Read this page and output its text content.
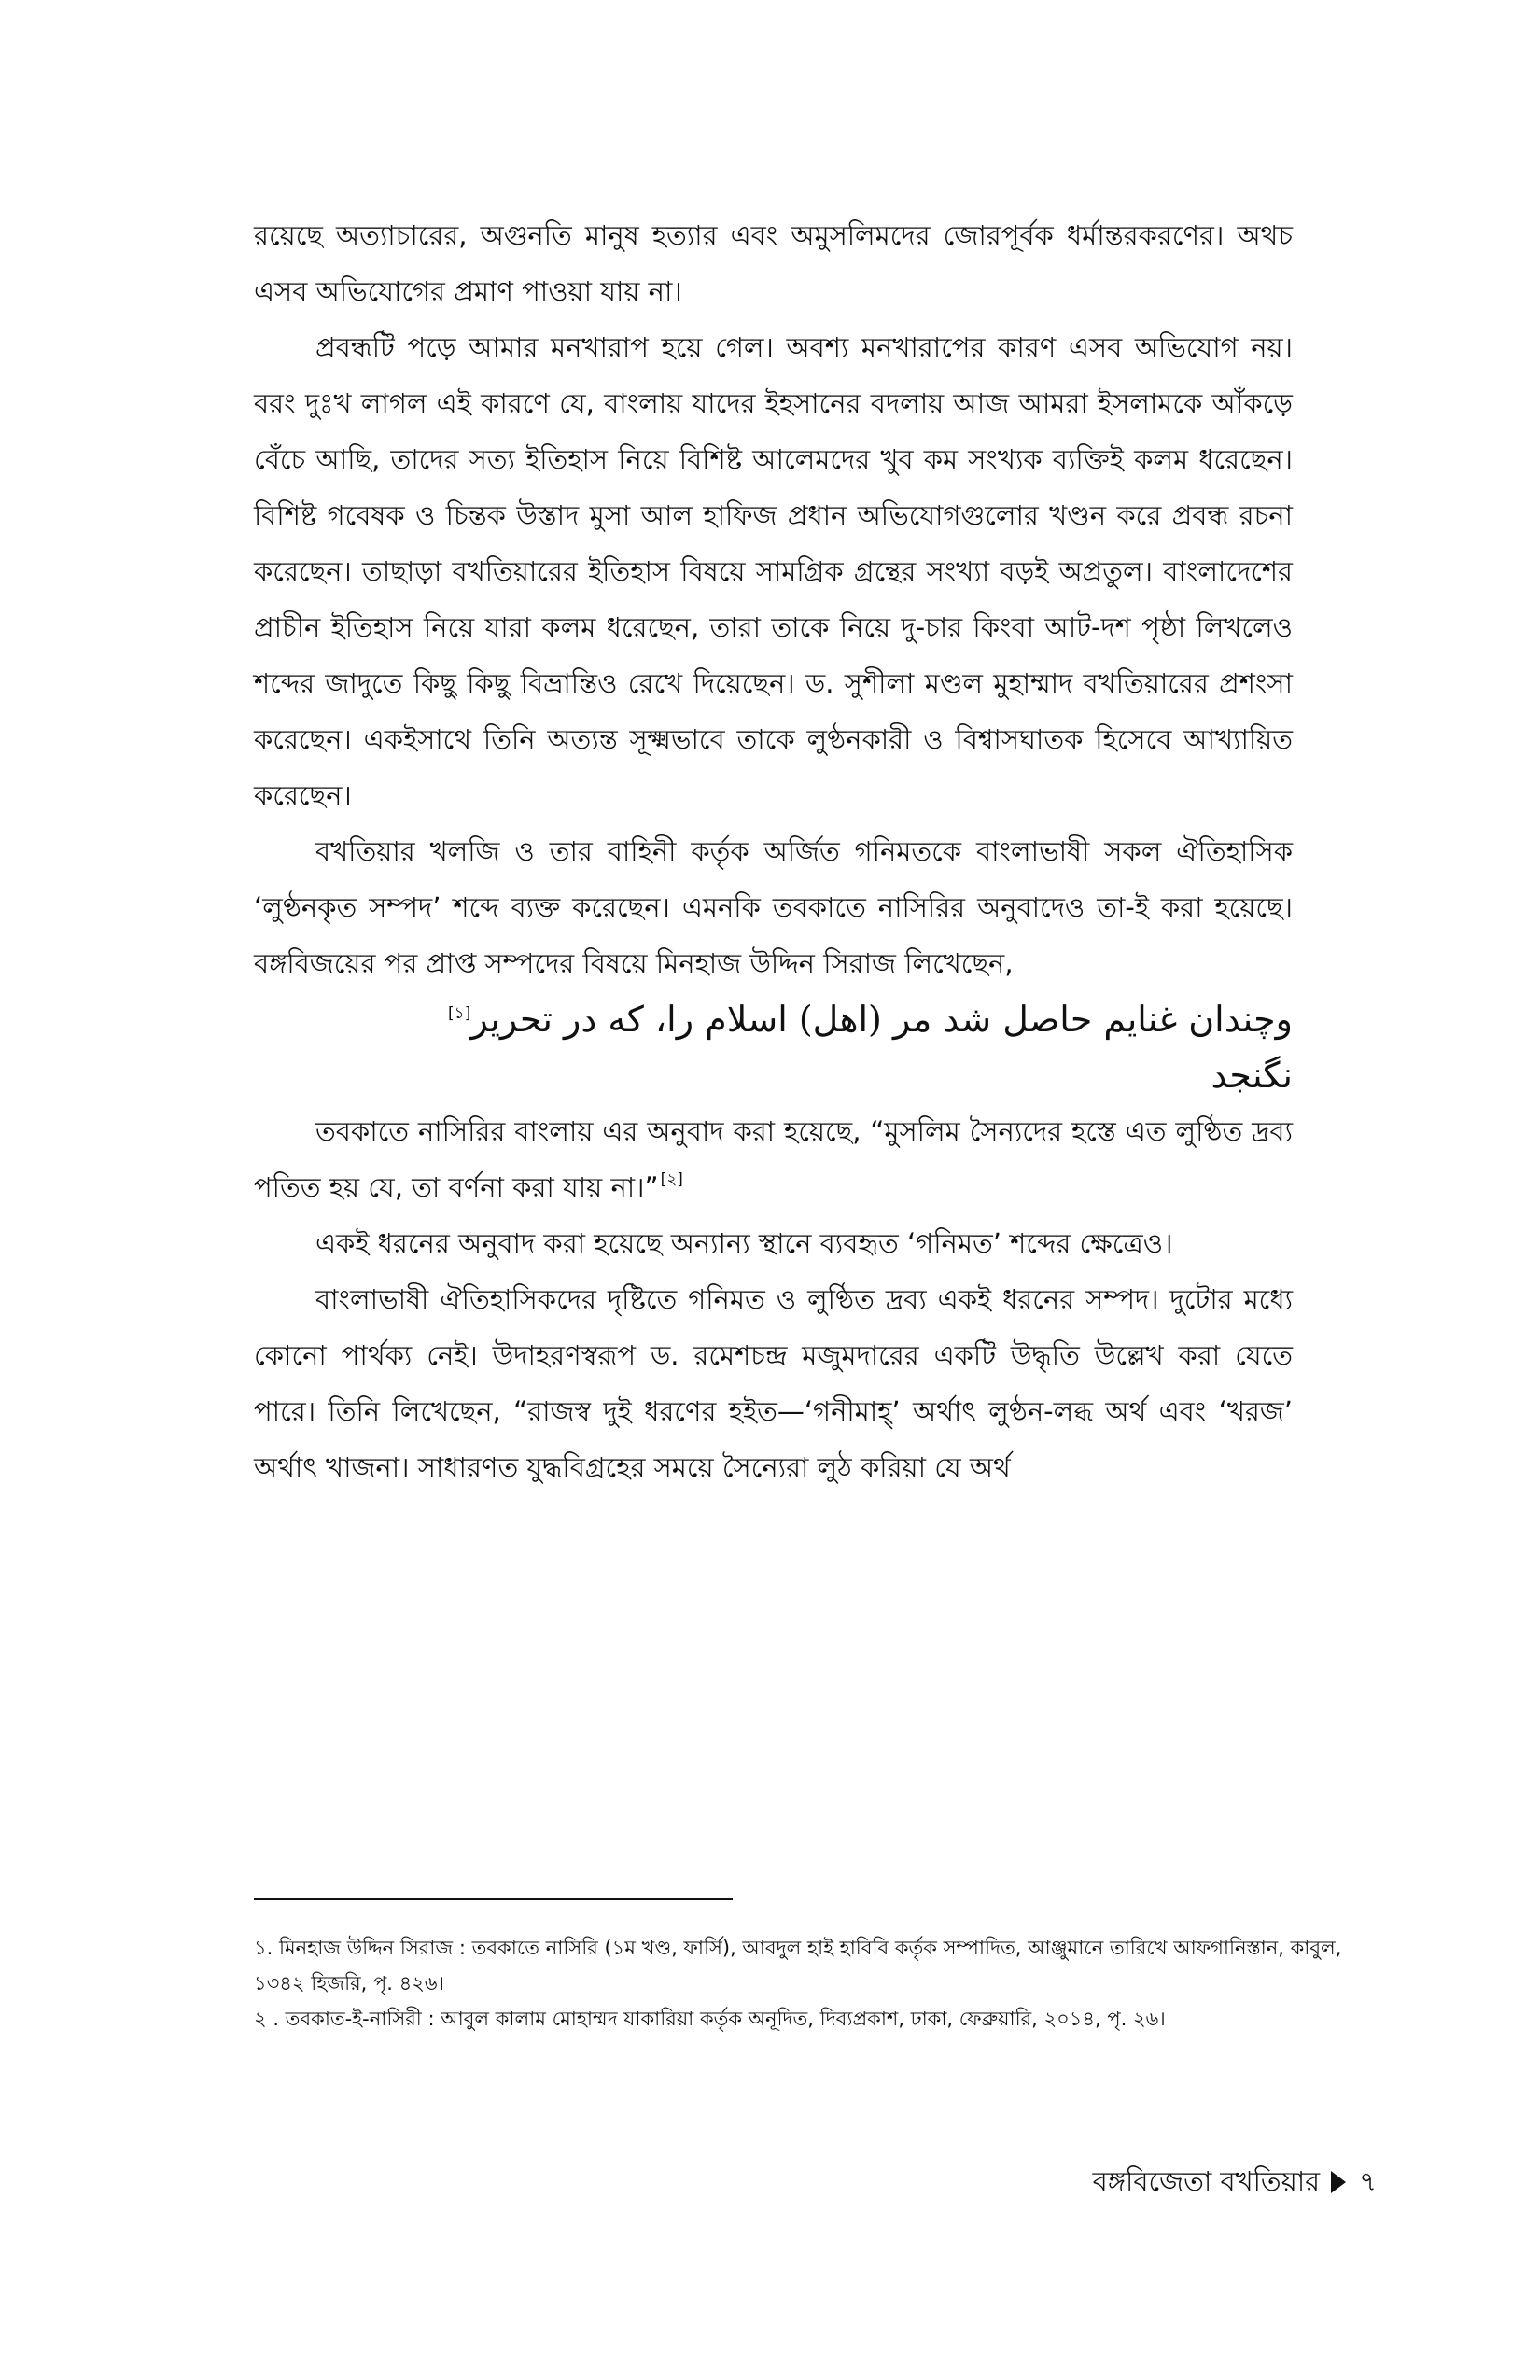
রয়েছে অত্যাচারের, অগুনতি মানুষ হত্যার এবং অমুসলিমদের জোরপূর্বক ধর্মান্তরকরণের। অথচ এসব অভিযোগের প্রমাণ পাওয়া যায় না।

প্রবন্ধটি পড়ে আমার মনখারাপ হয়ে গেল। অবশ্য মনখারাপের কারণ এসব অভিযোগ নয়। বরং দুঃখ লাগল এই কারণে যে, বাংলায় যাদের ইহসানের বদলায় আজ আমরা ইসলামকে আঁকড়ে বেঁচে আছি, তাদের সত্য ইতিহাস নিয়ে বিশিষ্ট আলেমদের খুব কম সংখ্যক ব্যক্তিই কলম ধরেছেন। বিশিষ্ট গবেষক ও চিন্তক উস্তাদ মুসা আল হাফিজ প্রধান অভিযোগগুলোর খণ্ডন করে প্রবন্ধ রচনা করেছেন। তাছাড়া বখতিয়ারের ইতিহাস বিষয়ে সামগ্রিক গ্রন্থের সংখ্যা বড়ই অপ্রতুল। বাংলাদেশের প্রাচীন ইতিহাস নিয়ে যারা কলম ধরেছেন, তারা তাকে নিয়ে দু-চার কিংবা আট-দশ পৃষ্ঠা লিখলেও শব্দের জাদুতে কিছু কিছু বিভ্রান্তিও রেখে দিয়েছেন। ড. সুশীলা মণ্ডল মুহাম্মাদ বখতিয়ারের প্রশংসা করেছেন। একইসাথে তিনি অত্যন্ত সূক্ষ্মভাবে তাকে লুণ্ঠনকারী ও বিশ্বাসঘাতক হিসেবে আখ্যায়িত করেছেন।

বখতিয়ার খলজি ও তার বাহিনী কর্তৃক অর্জিত গনিমতকে বাংলাভাষী সকল ঐতিহাসিক ‘লুণ্ঠনকৃত সম্পদ’ শব্দে ব্যক্ত করেছেন। এমনকি তবকাতে নাসিরির অনুবাদেও তা-ই করা হয়েছে। বঙ্গবিজয়ের পর প্রাপ্ত সম্পদের বিষয়ে মিনহাজ উদ্দিন সিরাজ লিখেছেন,

وچندان غنایم حاصل شد مر (اهل) اسلام را، که در تحریر[১]
نگنجد

তবকাতে নাসিরির বাংলায় এর অনুবাদ করা হয়েছে, “মুসলিম সৈন্যদের হস্তে এত লুণ্ঠিত দ্রব্য পতিত হয় যে, তা বর্ণনা করা যায় না।” [২]

একই ধরনের অনুবাদ করা হয়েছে অন্যান্য স্থানে ব্যবহৃত ‘গনিমত’ শব্দের ক্ষেত্রেও।

বাংলাভাষী ঐতিহাসিকদের দৃষ্টিতে গনিমত ও লুণ্ঠিত দ্রব্য একই ধরনের সম্পদ। দুটোর মধ্যে কোনো পার্থক্য নেই। উদাহরণস্বরূপ ড. রমেশচন্দ্র মজুমদারের একটি উদ্ধৃতি উল্লেখ করা যেতে পারে। তিনি লিখেছেন, “রাজস্ব দুই ধরণের হইত—‘গনীমাহ্’ অর্থাৎ লুণ্ঠন-লব্ধ অর্থ এবং ‘খরজ’ অর্থাৎ খাজনা। সাধারণত যুদ্ধবিগ্রহের সময়ে সৈন্যেরা লুঠ করিয়া যে অর্থ

১. মিনহাজ উদ্দিন সিরাজ : তবকাতে নাসিরি (১ম খণ্ড, ফার্সি), আবদুল হাই হাবিবি কর্তৃক সম্পাদিত, আঞ্জুমানে তারিখে আফগানিস্তান, কাবুল, ১৩৪২ হিজরি, পৃ. ৪২৬।

২ . তবকাত-ই-নাসিরী : আবুল কালাম মোহাম্মদ যাকারিয়া কর্তৃক অনূদিত, দিব্যপ্রকাশ, ঢাকা, ফেব্রুয়ারি, ২০১৪, পৃ. ২৬।

বঙ্গবিজেতা বখতিয়ার ৭
